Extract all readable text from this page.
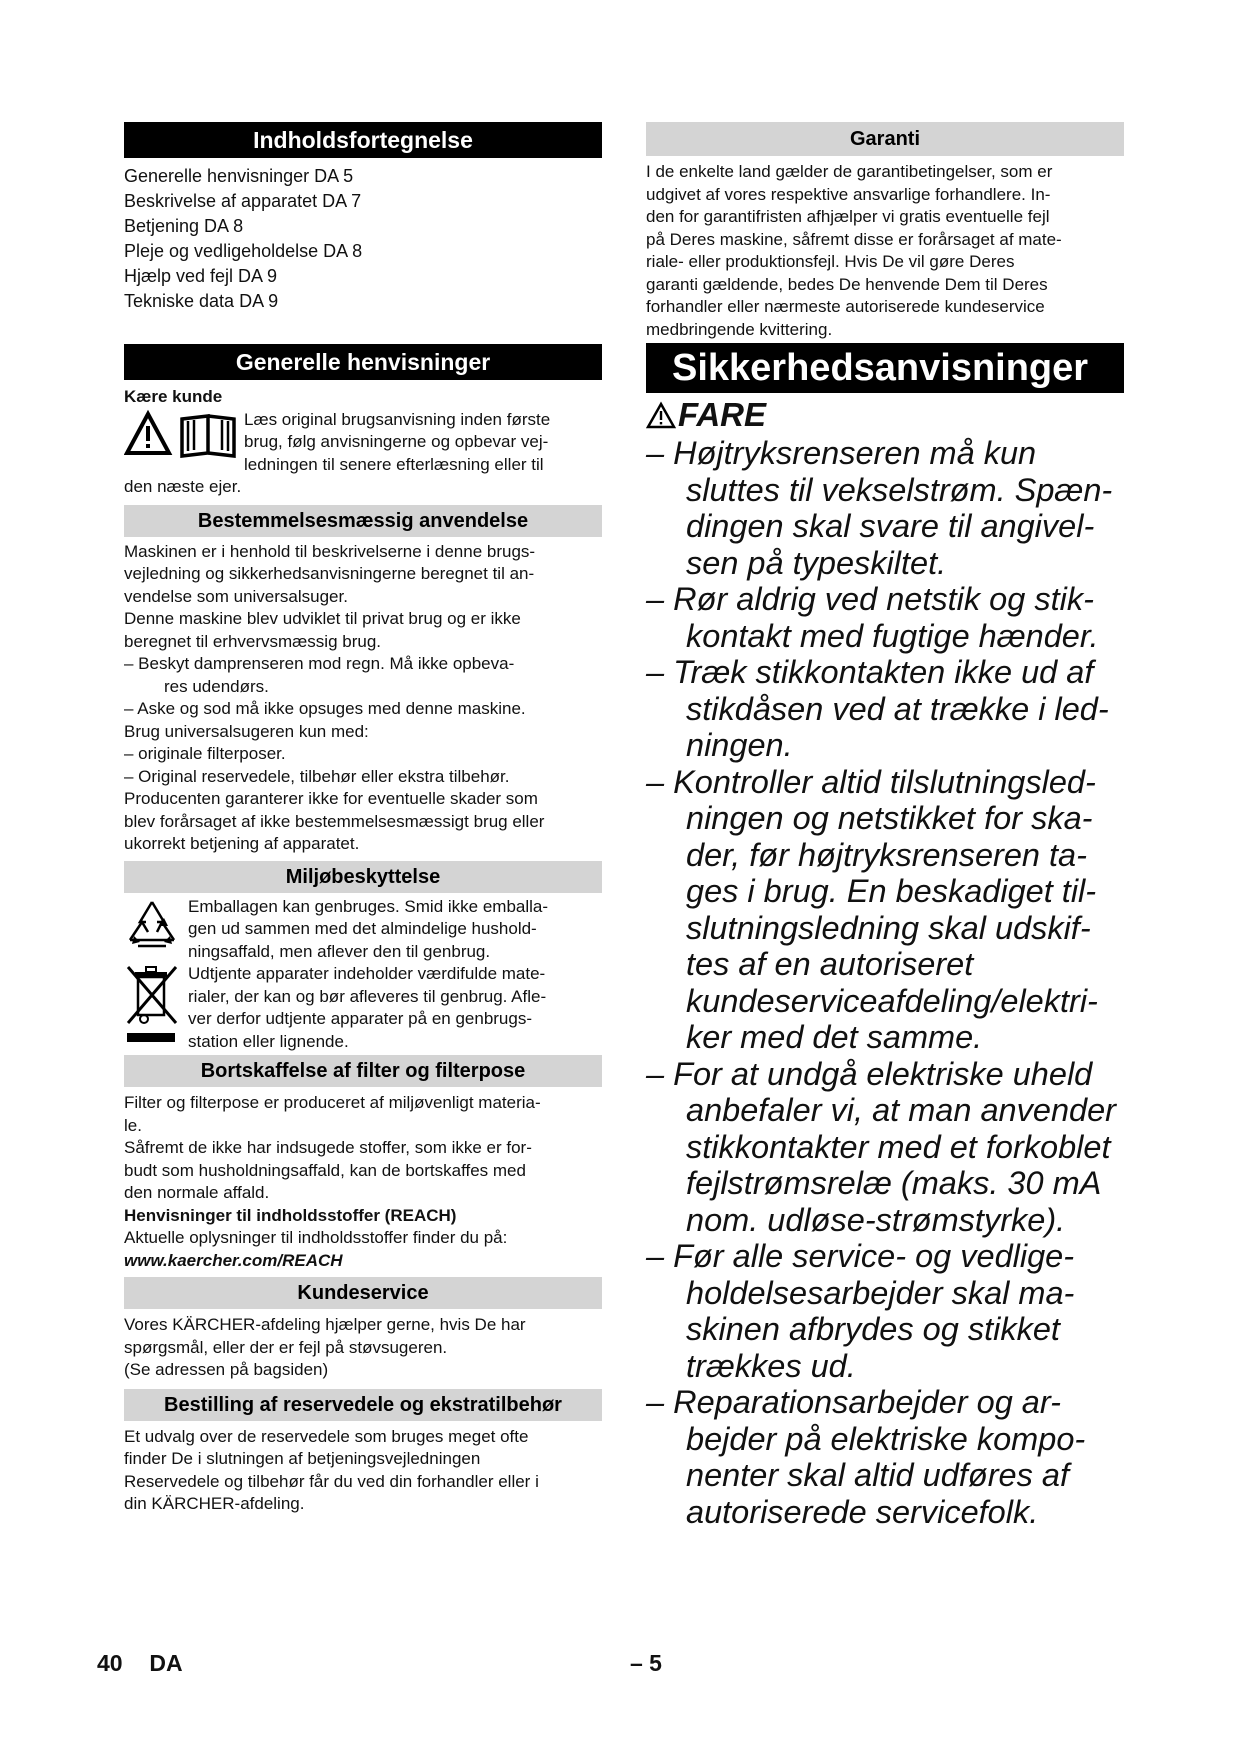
Indholdsfortegnelse

Generelle henvisninger DA 5

Beskrivelse af apparatet DA 7

Betjening DA 8

Pleje og vedligeholdelse DA 8

Hjælp ved fejl DA 9

Tekniske data DA 9

Generelle henvisninger

Kære kunde

Læs original brugsanvisning inden første

brug, følg anvisningerne og opbevar vej-

ledningen til senere efterlæsning eller til

den næste ejer.

Bestemmelsesmæssig anvendelse

Maskinen er i henhold til beskrivelserne i denne brugs-

vejledning og sikkerhedsanvisningerne beregnet til an-

vendelse som universalsuger.

Denne maskine blev udviklet til privat brug og er ikke

beregnet til erhvervsmæssig brug.

– Beskyt damprenseren mod regn. Må ikke opbeva-

res udendørs.

– Aske og sod må ikke opsuges med denne maskine.

Brug universalsugeren kun med:

– originale filterposer.

– Original reservedele, tilbehør eller ekstra tilbehør.

Producenten garanterer ikke for eventuelle skader som

blev forårsaget af ikke bestemmelsesmæssigt brug eller

ukorrekt betjening af apparatet.

Miljøbeskyttelse

Emballagen kan genbruges. Smid ikke emballa-

gen ud sammen med det almindelige hushold-

ningsaffald, men aflever den til genbrug.

Udtjente apparater indeholder værdifulde mate-

rialer, der kan og bør afleveres til genbrug. Afle-

ver derfor udtjente apparater på en genbrugs-

station eller lignende.

Bortskaffelse af filter og filterpose

Filter og filterpose er produceret af miljøvenligt materia-

le.

Såfremt de ikke har indsugede stoffer, som ikke er for-

budt som husholdningsaffald, kan de bortskaffes med

den normale affald.

Henvisninger til indholdsstoffer (REACH)

Aktuelle oplysninger til indholdsstoffer finder du på:

www.kaercher.com/REACH

Kundeservice

Vores KÄRCHER-afdeling hjælper gerne, hvis De har

spørgsmål, eller der er fejl på støvsugeren.

(Se adressen på bagsiden)

Bestilling af reservedele og ekstratilbehør

Et udvalg over de reservedele som bruges meget ofte

finder De i slutningen af betjeningsvejledningen

Reservedele og tilbehør får du ved din forhandler eller i

din KÄRCHER-afdeling.

Garanti

I de enkelte land gælder de garantibetingelser, som er

udgivet af vores respektive ansvarlige forhandlere. In-

den for garantifristen afhjælper vi gratis eventuelle fejl

på Deres maskine, såfremt disse er forårsaget af mate-

riale- eller produktionsfejl. Hvis De vil gøre Deres

garanti gældende, bedes De henvende Dem til Deres

forhandler eller nærmeste autoriserede kundeservice

medbringende kvittering.

Sikkerhedsanvisninger
FARE

– Højtryksrenseren må kun

sluttes til vekselstrøm. Spæn-

dingen skal svare til angivel-

sen på typeskiltet.

– Rør aldrig ved netstik og stik-

kontakt med fugtige hænder.

– Træk stikkontakten ikke ud af

stikdåsen ved at trække i led-

ningen.

– Kontroller altid tilslutningsled-

ningen og netstikket for ska-

der, før højtryksrenseren ta-

ges i brug. En beskadiget til-

slutningsledning skal udskif-

tes af en autoriseret

kundeserviceafdeling/elektri-

ker med det samme.

– For at undgå elektriske uheld

anbefaler vi, at man anvender

stikkontakter med et forkoblet

fejlstrømsrelæ (maks. 30 mA

nom. udløse-strømstyrke).

– Før alle service- og vedlige-

holdelsesarbejder skal ma-

skinen afbrydes og stikket

trækkes ud.

– Reparationsarbejder og ar-

bejder på elektriske kompo-

nenter skal altid udføres af

autoriserede servicefolk.

40 DA	– 5
